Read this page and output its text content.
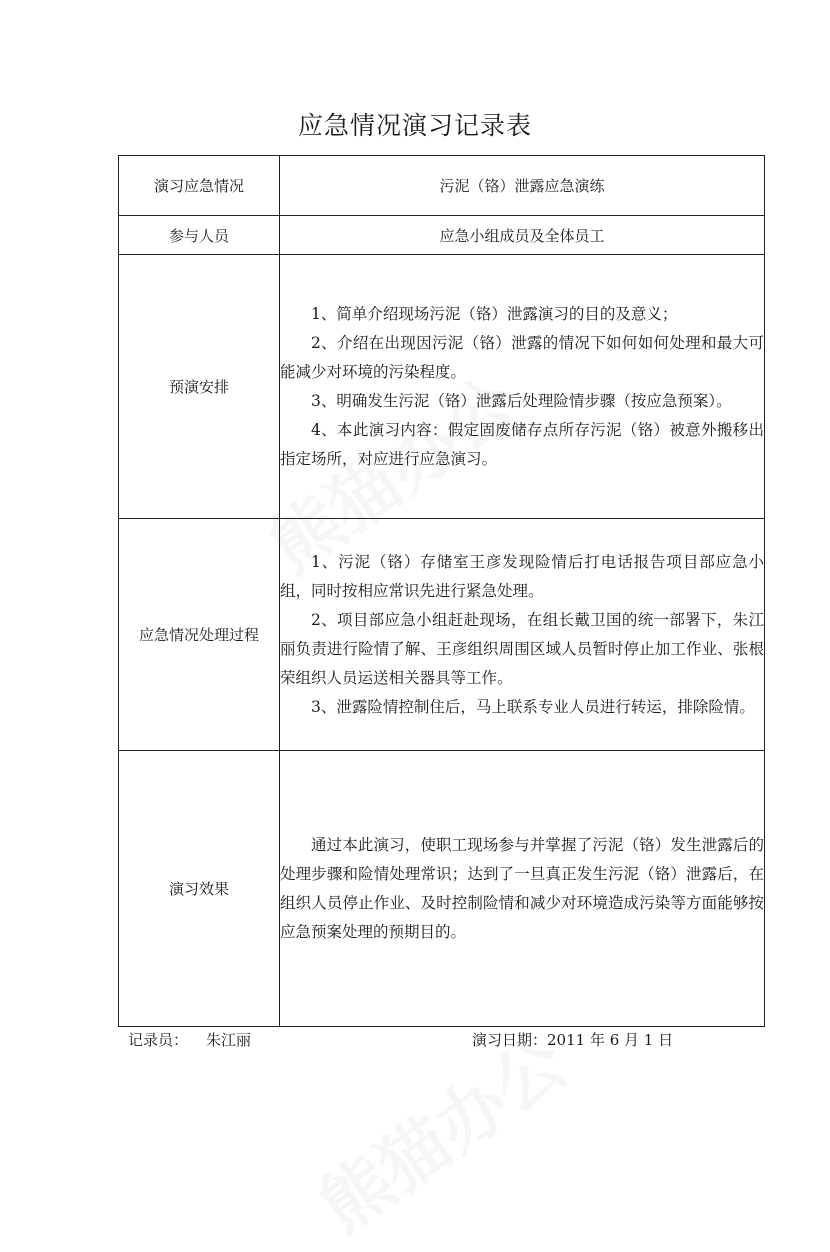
应急情况演习记录表
演习应急情况	污泥（铬）泄露应急演练
参与人员	应急小组成员及全体员工
预演安排	1、简单介绍现场污泥（铬）泄露演习的目的及意义；

2、介绍在出现因污泥（铬）泄露的情况下如何如何处理和最大可能减少对环境的污染程度。

3、明确发生污泥（铬）泄露后处理险情步骤（按应急预案）。

4、本此演习内容：假定固废储存点所存污泥（铬）被意外搬移出指定场所，对应进行应急演习。

应急情况处理过程	1、污泥（铬）存储室王彦发现险情后打电话报告项目部应急小组，同时按相应常识先进行紧急处理。

2、项目部应急小组赶赴现场，在组长戴卫国的统一部署下，朱江丽负责进行险情了解、王彦组织周围区域人员暂时停止加工作业、张根荣组织人员运送相关器具等工作。

3、泄露险情控制住后，马上联系专业人员进行转运，排除险情。

演习效果	通过本此演习，使职工现场参与并掌握了污泥（铬）发生泄露后的处理步骤和险情处理常识；达到了一旦真正发生污泥（铬）泄露后，在组织人员停止作业、及时控制险情和减少对环境造成污染等方面能够按应急预案处理的预期目的。

记录员： 朱江丽	演习日期：2011 年 6 月 1 日
